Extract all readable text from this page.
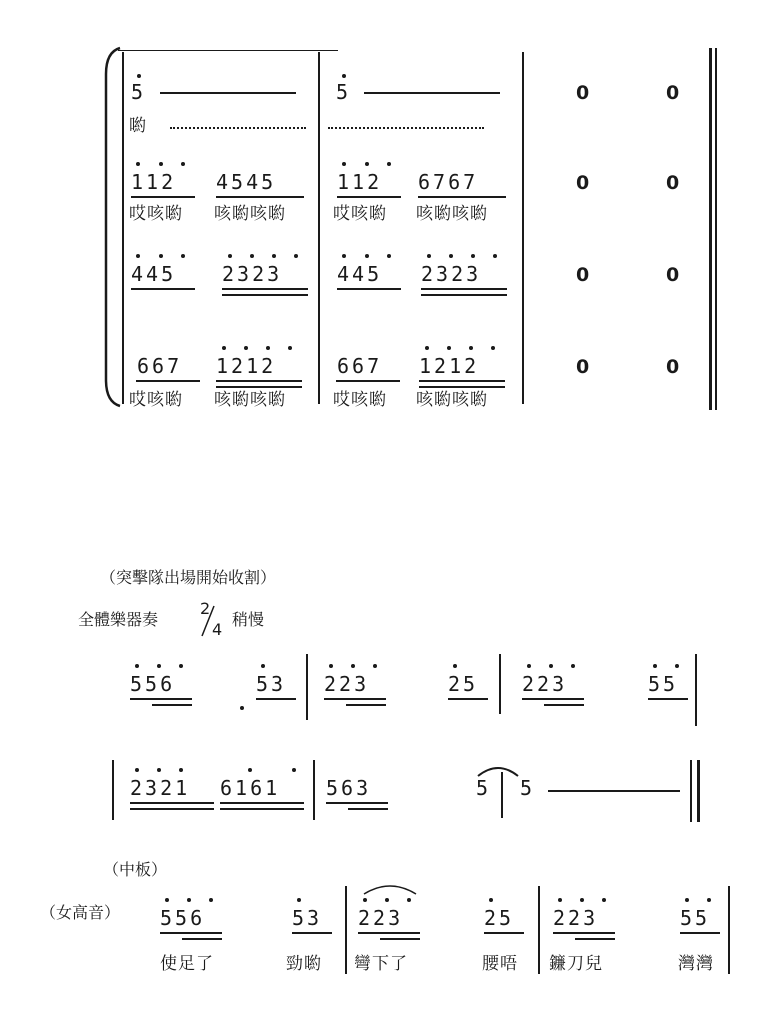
5	5	0	0
喲
112 4545	112 6767	0	0
哎咳喲 咳喲咳喲	哎咳喲 咳喲咳喲
445 2323	445 2323	0	0
667 1212	667 1212	0	0
哎咳喲 咳喲咳喲	哎咳喲 咳喲咳喲
（突擊隊出場開始收割）
全體樂器奏
2
4
稍慢
556	53 223	25 223	55
2321 6161 563	5 5
（中板）
（女高音） 556	53 223	25 223	55
使足了	勁喲 彎下了	腰唔 鐮刀兒	灣灣
